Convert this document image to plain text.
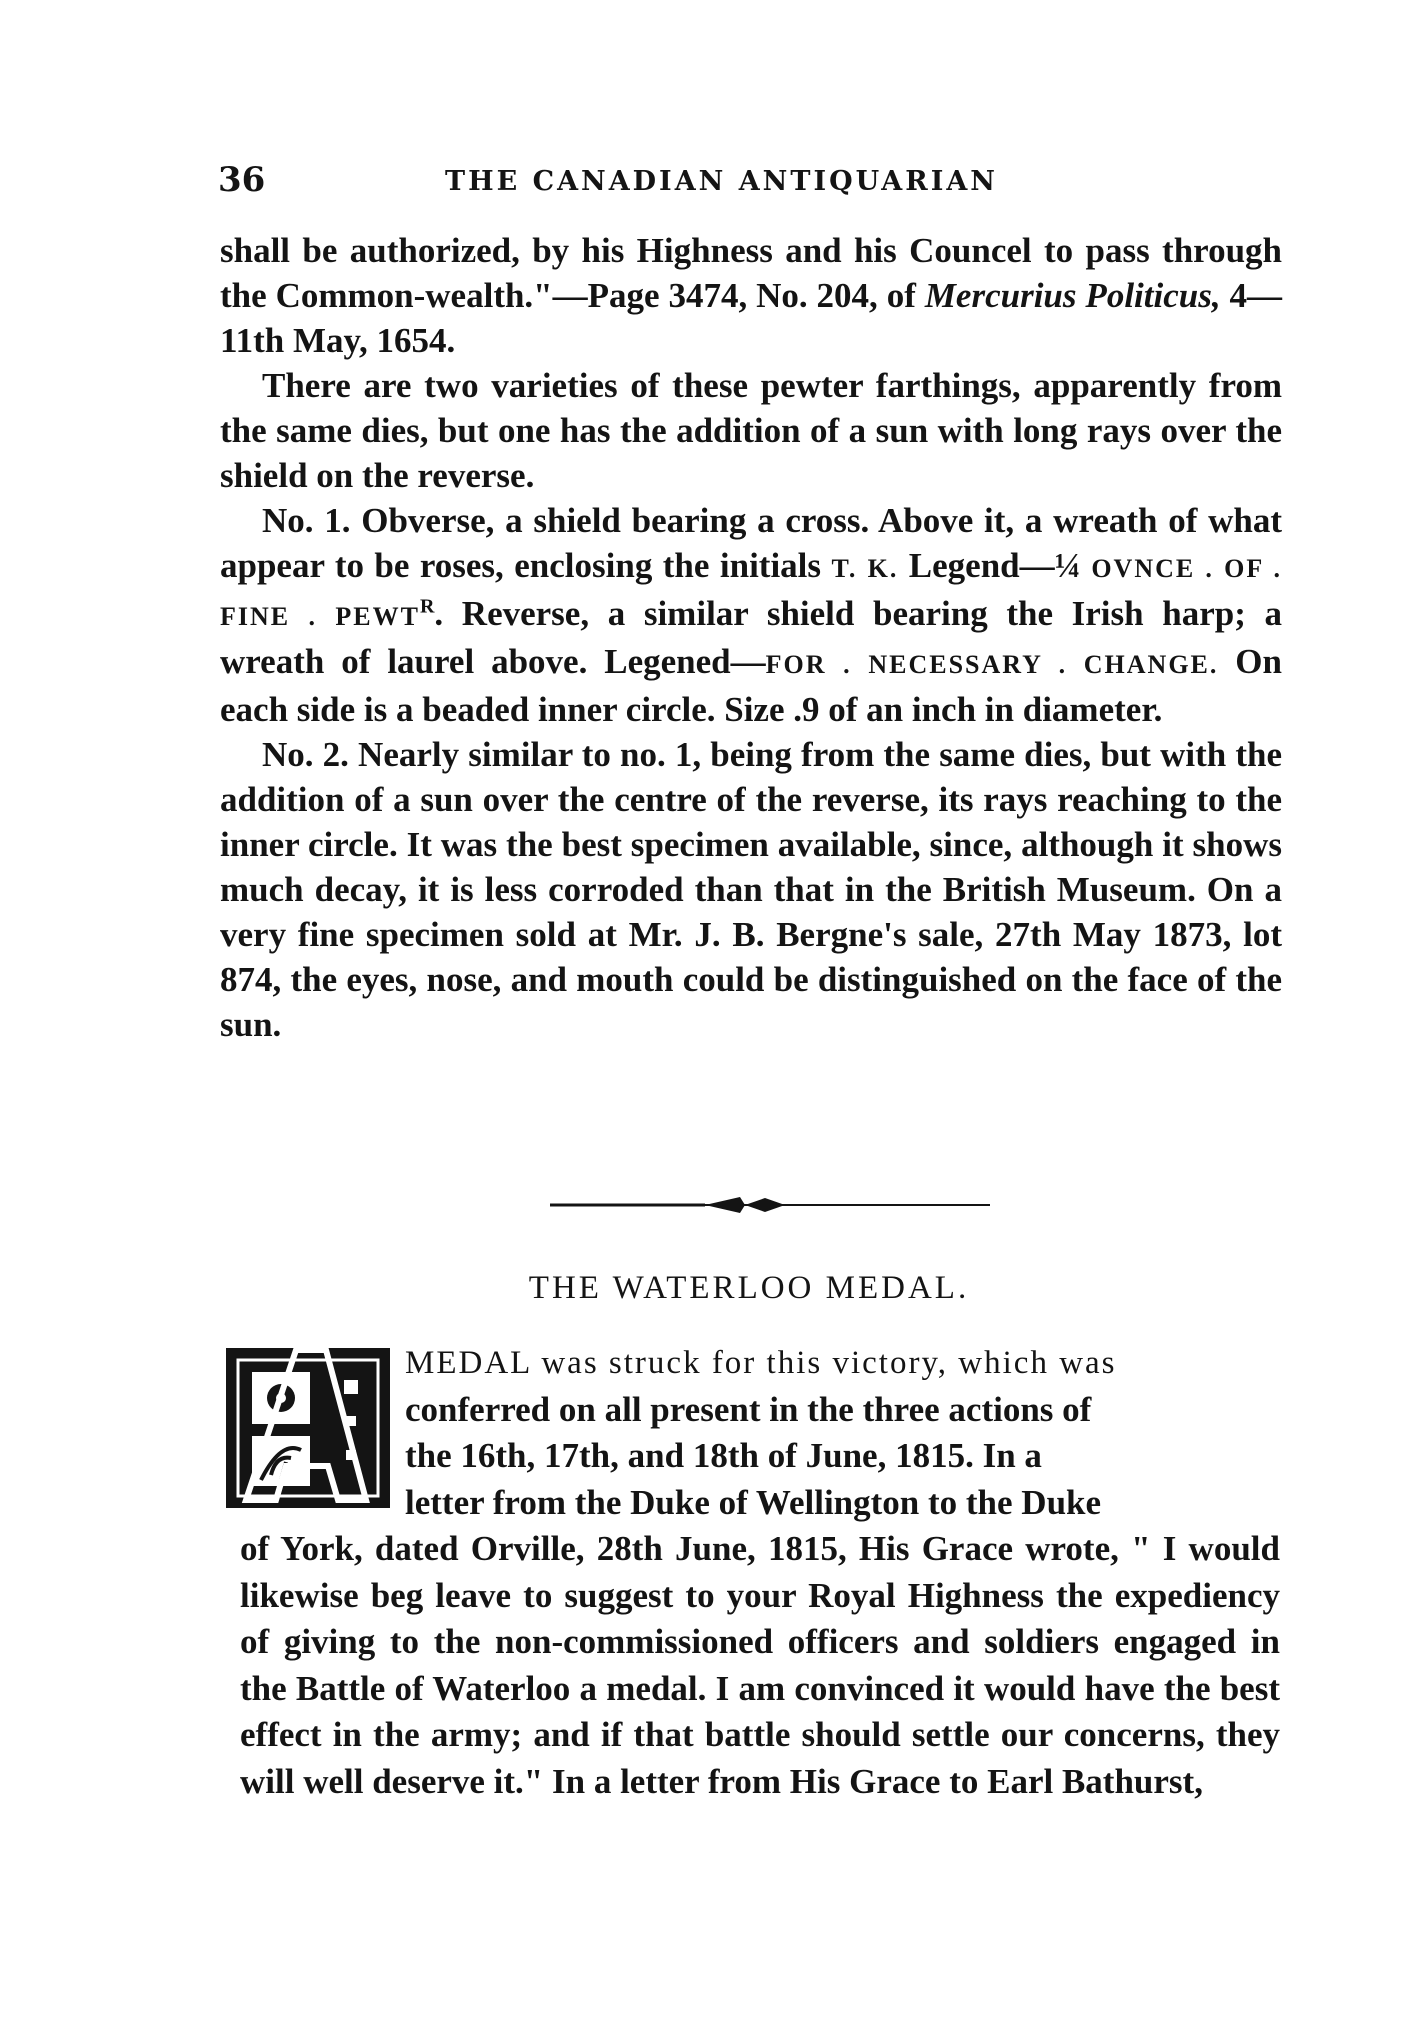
36	THE CANADIAN ANTIQUARIAN

shall be authorized, by his Highness and his Councel to pass through the Common-wealth."—Page 3474, No. 204, of Mercurius Politicus, 4—11th May, 1654.

There are two varieties of these pewter farthings, apparently from the same dies, but one has the addition of a sun with long rays over the shield on the reverse.

No. 1. Obverse, a shield bearing a cross. Above it, a wreath of what appear to be roses, enclosing the initials T. K. Legend—¼ OVNCE . OF . FINE . $PEWT^R$. Reverse, a similar shield bearing the Irish harp; a wreath of laurel above. Legened—FOR . NECESSARY . CHANGE. On each side is a beaded inner circle. Size .9 of an inch in diameter.

No. 2. Nearly similar to no. 1, being from the same dies, but with the addition of a sun over the centre of the reverse, its rays reaching to the inner circle. It was the best specimen available, since, although it shows much decay, it is less corroded than that in the British Museum. On a very fine specimen sold at Mr. J. B. Bergne's sale, 27th May 1873, lot 874, the eyes, nose, and mouth could be distinguished on the face of the sun.

THE WATERLOO MEDAL.
MEDAL was struck for this victory, which was
conferred on all present in the three actions of
the 16th, 17th, and 18th of June, 1815. In a
letter from the Duke of Wellington to the Duke
of York, dated Orville, 28th June, 1815, His Grace wrote, " I would likewise beg leave to suggest to your Royal Highness the expediency of giving to the non-commissioned officers and soldiers engaged in the Battle of Waterloo a medal. I am convinced it would have the best effect in the army; and if that battle should settle our concerns, they will well deserve it." In a letter from His Grace to Earl Bathurst,
